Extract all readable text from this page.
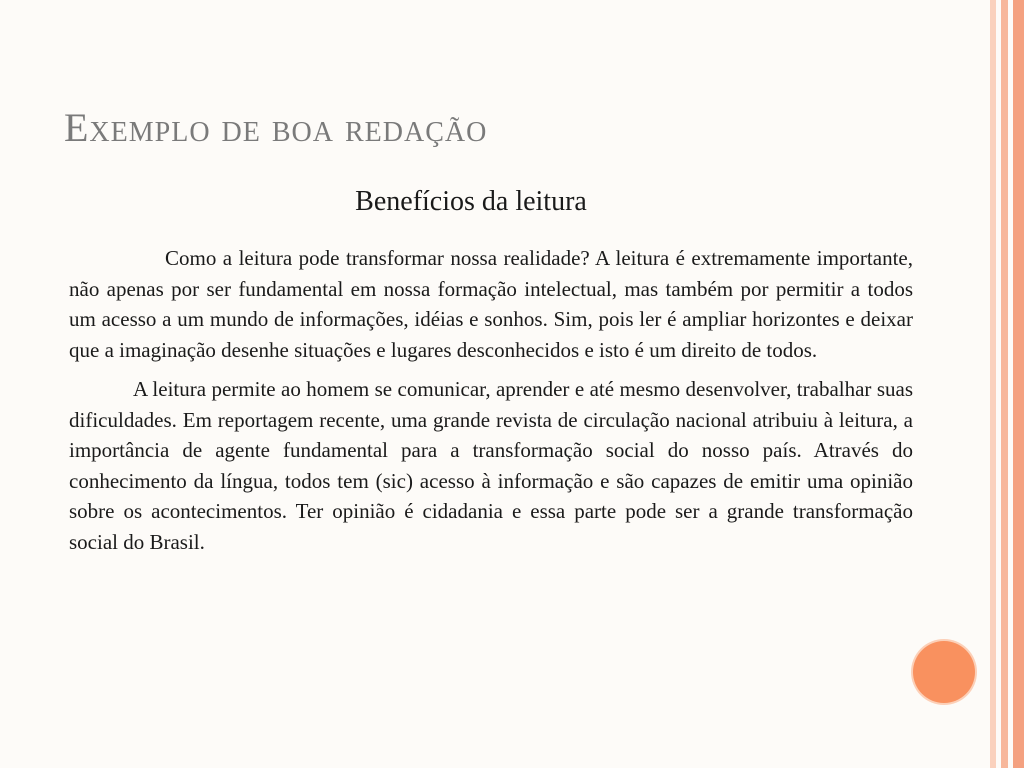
Exemplo de boa redação
Benefícios da leitura

Como a leitura pode transformar nossa realidade? A leitura é extremamente importante, não apenas por ser fundamental em nossa formação intelectual, mas também por permitir a todos um acesso a um mundo de informações, idéias e sonhos. Sim, pois ler é ampliar horizontes e deixar que a imaginação desenhe situações e lugares desconhecidos e isto é um direito de todos.

A leitura permite ao homem se comunicar, aprender e até mesmo desenvolver, trabalhar suas dificuldades. Em reportagem recente, uma grande revista de circulação nacional atribuiu à leitura, a importância de agente fundamental para a transformação social do nosso país. Através do conhecimento da língua, todos tem (sic) acesso à informação e são capazes de emitir uma opinião sobre os acontecimentos. Ter opinião é cidadania e essa parte pode ser a grande transformação social do Brasil.
